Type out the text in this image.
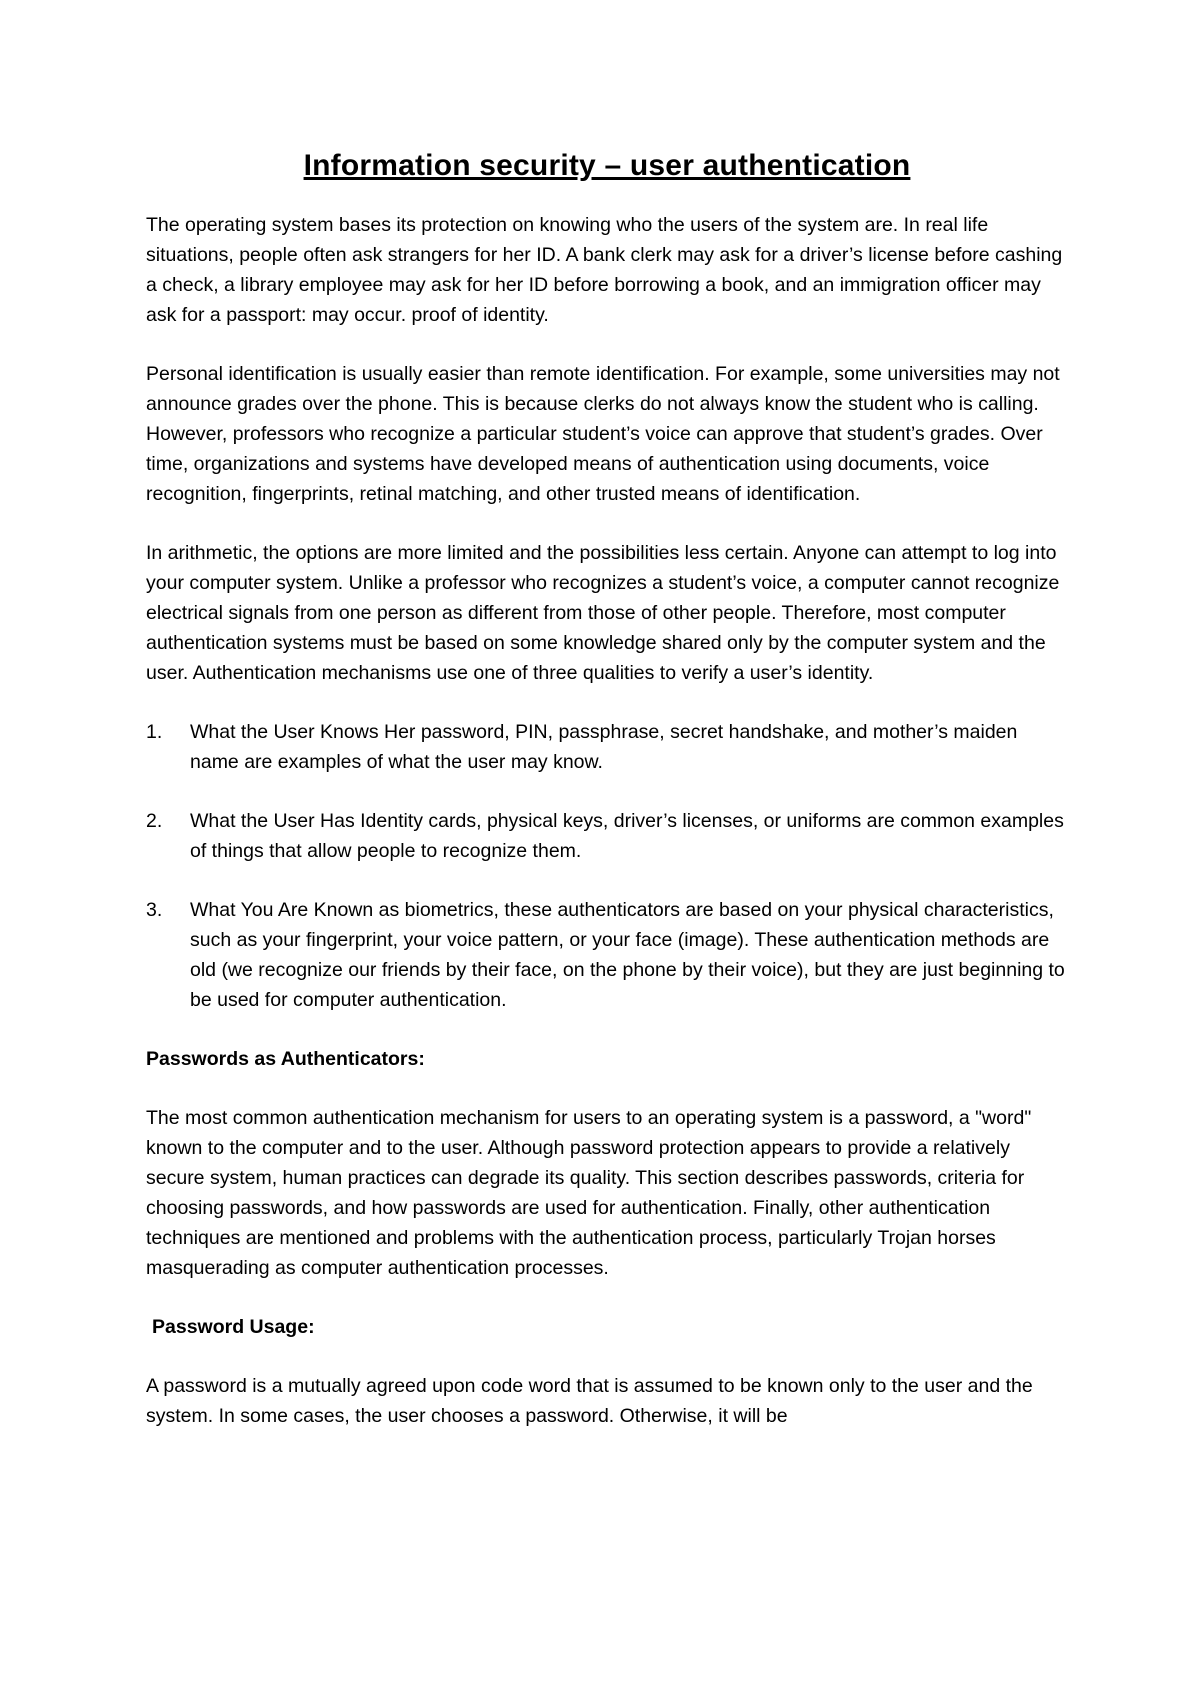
Information security – user authentication

The operating system bases its protection on knowing who the users of the system are. In real life situations, people often ask strangers for her ID. A bank clerk may ask for a driver’s license before cashing a check, a library employee may ask for her ID before borrowing a book, and an immigration officer may ask for a passport: may occur. proof of identity.

Personal identification is usually easier than remote identification. For example, some universities may not announce grades over the phone. This is because clerks do not always know the student who is calling. However, professors who recognize a particular student’s voice can approve that student’s grades. Over time, organizations and systems have developed means of authentication using documents, voice recognition, fingerprints, retinal matching, and other trusted means of identification.

In arithmetic, the options are more limited and the possibilities less certain. Anyone can attempt to log into your computer system. Unlike a professor who recognizes a student’s voice, a computer cannot recognize electrical signals from one person as different from those of other people. Therefore, most computer authentication systems must be based on some knowledge shared only by the computer system and the user. Authentication mechanisms use one of three qualities to verify a user’s identity.

1. What the User Knows Her password, PIN, passphrase, secret handshake, and mother’s maiden name are examples of what the user may know.
2. What the User Has Identity cards, physical keys, driver’s licenses, or uniforms are common examples of things that allow people to recognize them.
3. What You Are Known as biometrics, these authenticators are based on your physical characteristics, such as your fingerprint, your voice pattern, or your face (image). These authentication methods are old (we recognize our friends by their face, on the phone by their voice), but they are just beginning to be used for computer authentication.
Passwords as Authenticators:

The most common authentication mechanism for users to an operating system is a password, a "word" known to the computer and to the user. Although password protection appears to provide a relatively secure system, human practices can degrade its quality. This section describes passwords, criteria for choosing passwords, and how passwords are used for authentication. Finally, other authentication techniques are mentioned and problems with the authentication process, particularly Trojan horses masquerading as computer authentication processes.

Password Usage:

A password is a mutually agreed upon code word that is assumed to be known only to the user and the system. In some cases, the user chooses a password. Otherwise, it will be
